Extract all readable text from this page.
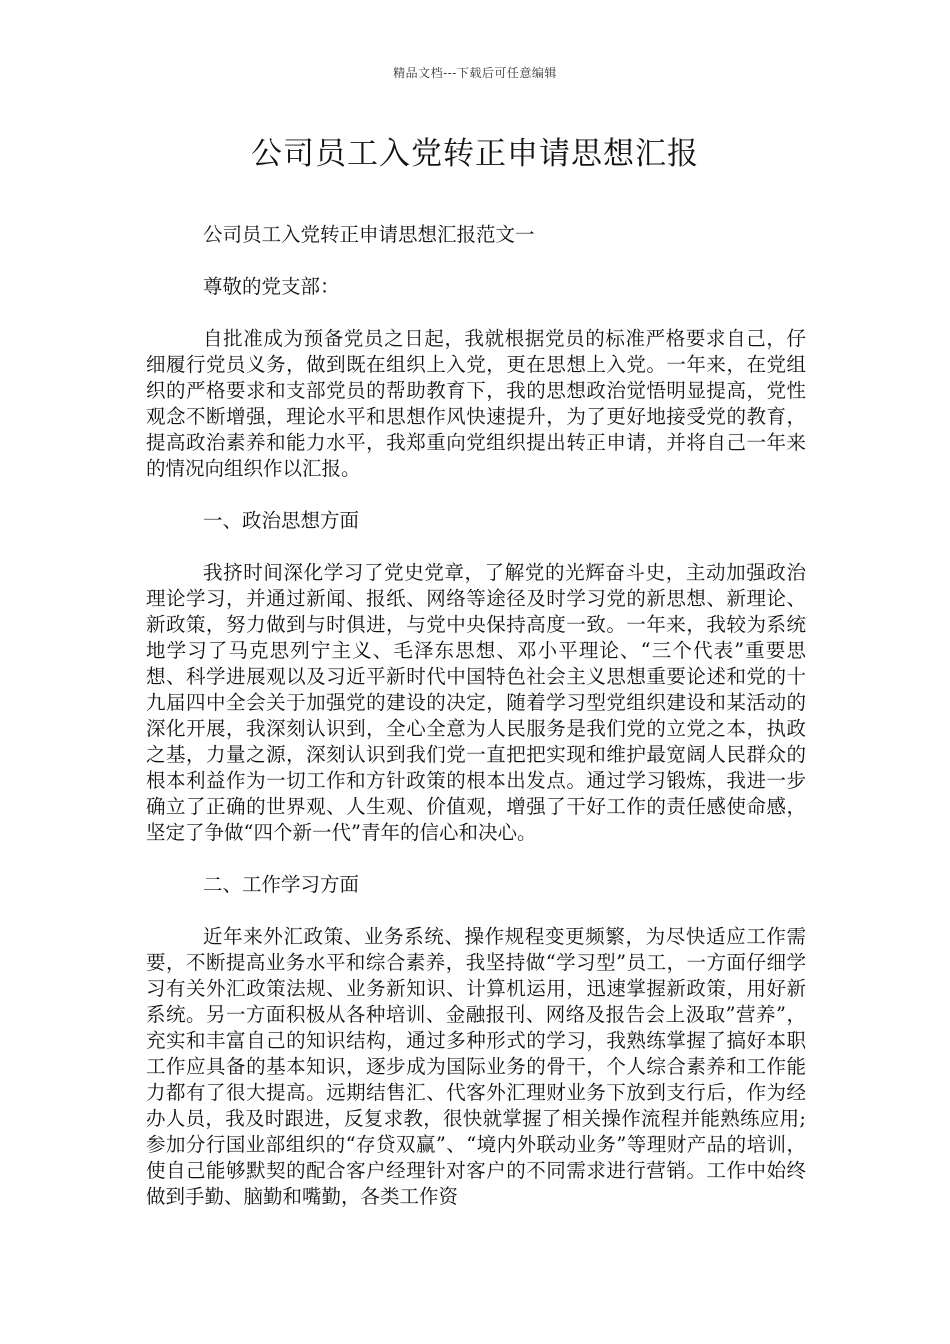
精品文档---下载后可任意编辑
公司员工入党转正申请思想汇报

公司员工入党转正申请思想汇报范文一

尊敬的党支部：

自批准成为预备党员之日起，我就根据党员的标准严格要求自己，仔细履行党员义务，做到既在组织上入党，更在思想上入党。一年来，在党组织的严格要求和支部党员的帮助教育下，我的思想政治觉悟明显提高，党性观念不断增强，理论水平和思想作风快速提升，为了更好地接受党的教育，提高政治素养和能力水平，我郑重向党组织提出转正申请，并将自己一年来的情况向组织作以汇报。

一、政治思想方面

我挤时间深化学习了党史党章，了解党的光辉奋斗史，主动加强政治理论学习，并通过新闻、报纸、网络等途径及时学习党的新思想、新理论、新政策，努力做到与时俱进，与党中央保持高度一致。一年来，我较为系统地学习了马克思列宁主义、毛泽东思想、邓小平理论、“三个代表”重要思想、科学进展观以及习近平新时代中国特色社会主义思想重要论述和党的十九届四中全会关于加强党的建设的决定，随着学习型党组织建设和某活动的深化开展，我深刻认识到，全心全意为人民服务是我们党的立党之本，执政之基，力量之源，深刻认识到我们党一直把把实现和维护最宽阔人民群众的根本利益作为一切工作和方针政策的根本出发点。通过学习锻炼，我进一步确立了正确的世界观、人生观、价值观，增强了干好工作的责任感使命感，坚定了争做“四个新一代”青年的信心和决心。

二、工作学习方面

近年来外汇政策、业务系统、操作规程变更频繁，为尽快适应工作需要，不断提高业务水平和综合素养，我坚持做“学习型”员工，一方面仔细学习有关外汇政策法规、业务新知识、计算机运用，迅速掌握新政策，用好新系统。另一方面积极从各种培训、金融报刊、网络及报告会上汲取”营养”，充实和丰富自己的知识结构，通过多种形式的学习，我熟练掌握了搞好本职工作应具备的基本知识，逐步成为国际业务的骨干，个人综合素养和工作能力都有了很大提高。远期结售汇、代客外汇理财业务下放到支行后，作为经办人员，我及时跟进，反复求教，很快就掌握了相关操作流程并能熟练应用;参加分行国业部组织的“存贷双赢”、“境内外联动业务”等理财产品的培训，使自己能够默契的配合客户经理针对客户的不同需求进行营销。工作中始终做到手勤、脑勤和嘴勤，各类工作资
